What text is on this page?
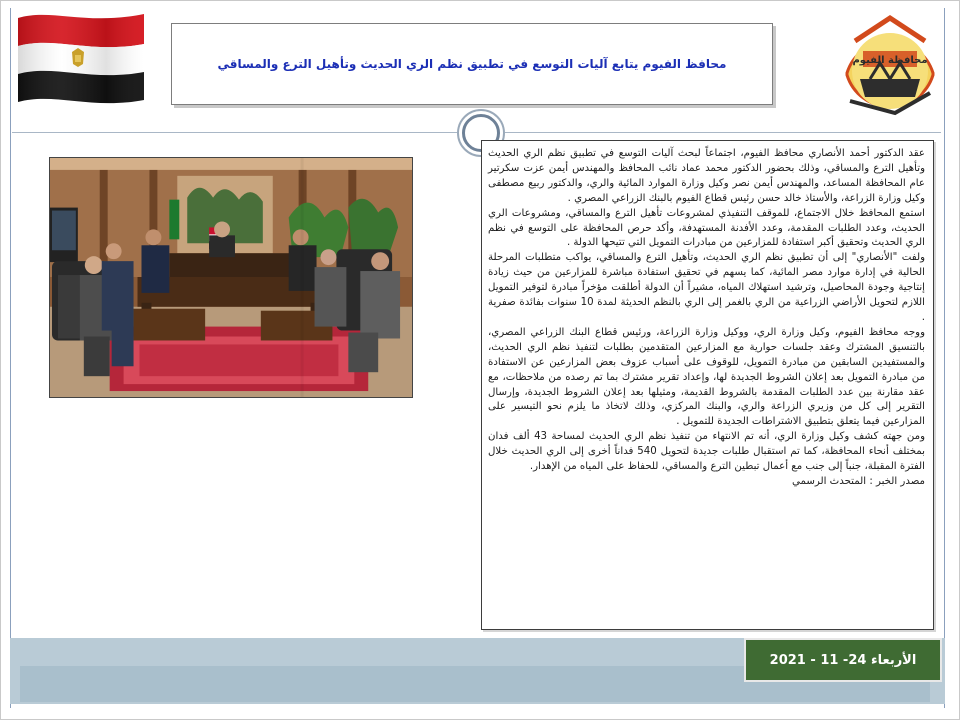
محافظة الفيوم
محافظ الفيوم يتابع آليات التوسع في تطبيق نظم الري الحديث وتأهيل الترع والمساقي

عقد الدكتور أحمد الأنصاري محافظ الفيوم، اجتماعاً لبحث آليات التوسع في تطبيق نظم الري الحديث وتأهيل الترع والمساقي، وذلك بحضور الدكتور محمد عماد نائب المحافظ والمهندس أيمن عزت سكرتير عام المحافظة المساعد، والمهندس أيمن نصر وكيل وزارة الموارد المائية والري، والدكتور ربيع مصطفى وكيل وزارة الزراعة، والأستاذ خالد حسن رئيس قطاع الفيوم بالبنك الزراعي المصري .

استمع المحافظ خلال الاجتماع، للموقف التنفيذي لمشروعات تأهيل الترع والمساقي، ومشروعات الري الحديث، وعدد الطلبات المقدمة، وعدد الأفدنة المستهدفة، وأكد حرص المحافظة على التوسع في نظم الري الحديث وتحقيق أكبر استفادة للمزارعين من مبادرات التمويل التي تتيحها الدولة .

ولفت "الأنصاري" إلى أن تطبيق نظم الري الحديث، وتأهيل الترع والمساقي، يواكب متطلبات المرحلة الحالية في إدارة موارد مصر المائية، كما يسهم في تحقيق استفادة مباشرة للمزارعين من حيث زيادة إنتاجية وجودة المحاصيل، وترشيد استهلاك المياه، مشيراً أن الدولة أطلقت مؤخراً مبادرة لتوفير التمويل اللازم لتحويل الأراضي الزراعية من الري بالغمر إلى الري بالنظم الحديثة لمدة 10 سنوات بفائدة صفرية .

ووجه محافظ الفيوم، وكيل وزارة الري، ووكيل وزارة الزراعة، ورئيس قطاع البنك الزراعي المصري، بالتنسيق المشترك وعقد جلسات حوارية مع المزارعين المتقدمين بطلبات لتنفيذ نظم الري الحديث، والمستفيدين السابقين من مبادرة التمويل، للوقوف على أسباب عزوف بعض المزارعين عن الاستفادة من مبادرة التمويل بعد إعلان الشروط الجديدة لها، وإعداد تقرير مشترك بما تم رصده من ملاحظات، مع عقد مقارنة بين عدد الطلبات المقدمة بالشروط القديمة، ومثيلها بعد إعلان الشروط الجديدة، وإرسال التقرير إلى كل من وزيري الزراعة والري، والبنك المركزي، وذلك لاتخاذ ما يلزم نحو التيسير على المزارعين فيما يتعلق بتطبيق الاشتراطات الجديدة للتمويل .

ومن جهته كشف وكيل وزارة الري، أنه تم الانتهاء من تنفيذ نظم الري الحديث لمساحة 43 ألف فدان بمختلف أنحاء المحافظة، كما تم استقبال طلبات جديدة لتحويل 540 فداناً أخرى إلى الري الحديث خلال الفترة المقبلة، جنباً إلى جنب مع أعمال تبطين الترع والمساقي، للحفاظ على المياه من الإهدار.

مصدر الخبر : المتحدث الرسمي

الأربعاء 24- 11 - 2021
